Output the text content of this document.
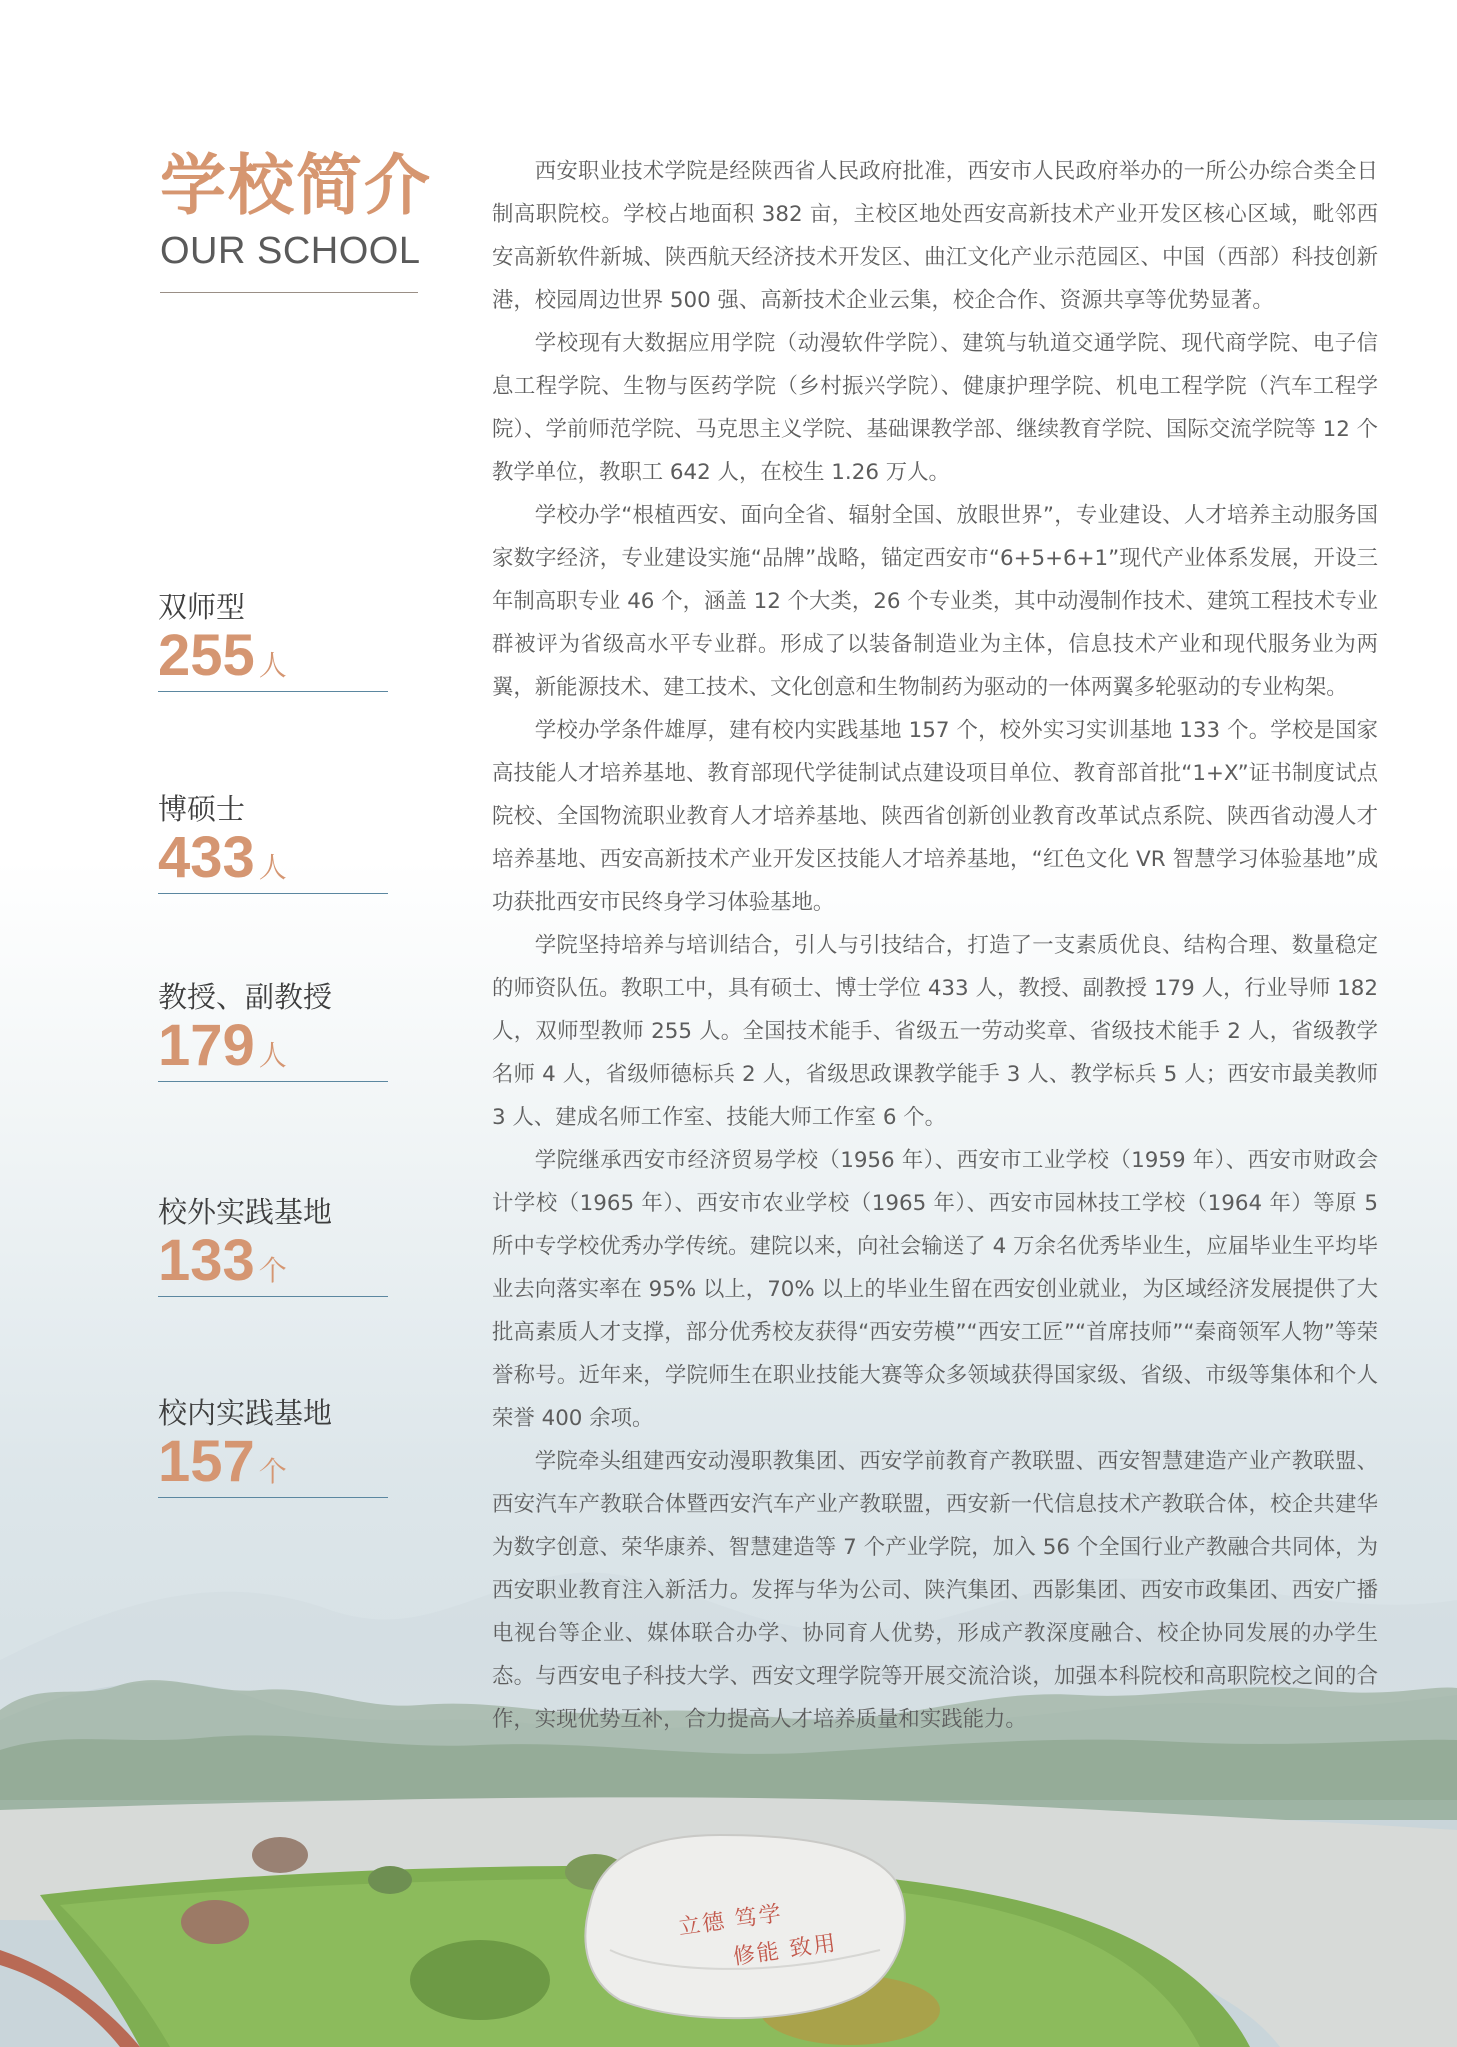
立德 笃学
修能 致用
学校简介
OUR SCHOOL
双师型
255 人
博硕士
433 人
教授、副教授
179 人
校外实践基地
133 个
校内实践基地
157 个

西安职业技术学院是经陕西省人民政府批准，西安市人民政府举办的一所公办综合类全日制高职院校。学校占地面积 382 亩，主校区地处西安高新技术产业开发区核心区域，毗邻西安高新软件新城、陕西航天经济技术开发区、曲江文化产业示范园区、中国（西部）科技创新港，校园周边世界 500 强、高新技术企业云集，校企合作、资源共享等优势显著。

学校现有大数据应用学院（动漫软件学院）、建筑与轨道交通学院、现代商学院、电子信息工程学院、生物与医药学院（乡村振兴学院）、健康护理学院、机电工程学院（汽车工程学院）、学前师范学院、马克思主义学院、基础课教学部、继续教育学院、国际交流学院等 12 个教学单位，教职工 642 人，在校生 1.26 万人。

学校办学“根植西安、面向全省、辐射全国、放眼世界”，专业建设、人才培养主动服务国家数字经济，专业建设实施“品牌”战略，锚定西安市“6+5+6+1”现代产业体系发展，开设三年制高职专业 46 个，涵盖 12 个大类，26 个专业类，其中动漫制作技术、建筑工程技术专业群被评为省级高水平专业群。形成了以装备制造业为主体，信息技术产业和现代服务业为两翼，新能源技术、建工技术、文化创意和生物制药为驱动的一体两翼多轮驱动的专业构架。

学校办学条件雄厚，建有校内实践基地 157 个，校外实习实训基地 133 个。学校是国家高技能人才培养基地、教育部现代学徒制试点建设项目单位、教育部首批“1+X”证书制度试点院校、全国物流职业教育人才培养基地、陕西省创新创业教育改革试点系院、陕西省动漫人才培养基地、西安高新技术产业开发区技能人才培养基地，“红色文化 VR 智慧学习体验基地”成功获批西安市民终身学习体验基地。

学院坚持培养与培训结合，引人与引技结合，打造了一支素质优良、结构合理、数量稳定的师资队伍。教职工中，具有硕士、博士学位 433 人，教授、副教授 179 人，行业导师 182 人，双师型教师 255 人。全国技术能手、省级五一劳动奖章、省级技术能手 2 人，省级教学名师 4 人，省级师德标兵 2 人，省级思政课教学能手 3 人、教学标兵 5 人；西安市最美教师 3 人、建成名师工作室、技能大师工作室 6 个。

学院继承西安市经济贸易学校（1956 年）、西安市工业学校（1959 年）、西安市财政会计学校（1965 年）、西安市农业学校（1965 年）、西安市园林技工学校（1964 年）等原 5 所中专学校优秀办学传统。建院以来，向社会输送了 4 万余名优秀毕业生，应届毕业生平均毕业去向落实率在 95% 以上，70% 以上的毕业生留在西安创业就业，为区域经济发展提供了大批高素质人才支撑，部分优秀校友获得“西安劳模”“西安工匠”“首席技师”“秦商领军人物”等荣誉称号。近年来，学院师生在职业技能大赛等众多领域获得国家级、省级、市级等集体和个人荣誉 400 余项。

学院牵头组建西安动漫职教集团、西安学前教育产教联盟、西安智慧建造产业产教联盟、西安汽车产教联合体暨西安汽车产业产教联盟，西安新一代信息技术产教联合体，校企共建华为数字创意、荣华康养、智慧建造等 7 个产业学院，加入 56 个全国行业产教融合共同体，为西安职业教育注入新活力。发挥与华为公司、陕汽集团、西影集团、西安市政集团、西安广播电视台等企业、媒体联合办学、协同育人优势，形成产教深度融合、校企协同发展的办学生态。与西安电子科技大学、西安文理学院等开展交流洽谈，加强本科院校和高职院校之间的合作，实现优势互补，合力提高人才培养质量和实践能力。
